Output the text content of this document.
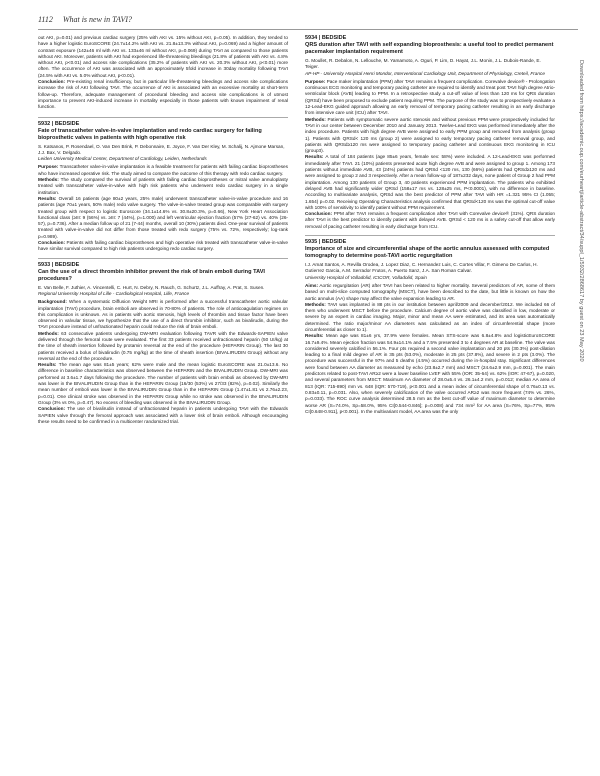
1112 What is new in TAVI?

out AKI, p=0.01) and previous cardiac surgery (25% with AKI vs. 15% without AKI, p=0.05). In addition, they tended to have a higher logistic EuroSCORE (24.7±14.2% with AKI vs. 21.8±13.3% without AKI, p=0.069) and a higher amount of contrast exposure (142±46 ml with AKI vs. 133±46 ml without AKI, p=0.069) during TAVI as compared to those patients without AKI. Moreover, patients with AKI had experienced life-threatening bleedings (21.8% of patients with AKI vs. 4.8% without AKI, p<0.01) and access site complications (35.2% of patients with AKI vs. 20.3% without AKI, p<0.01) more often. The occurrence of AKI was associated with an approximately 5fold increase in 30day mortality following TAVI (24.5% with AKI vs. 5.0% without AKI, p<0.01).

Conclusion: Pre-existing renal insufficiency, but in particular life-threatening bleedings and access site complications increase the risk of AKI following TAVI. The occurrence of AKI is associated with an excessive mortality at short-term follow-up. Therefore, adequate management of procedural bleeding and access site complications is of utmost importance to prevent AKI-induced increase in mortality especially in those patients with known impairment of renal function.

5932 | BEDSIDE
Fate of transcatheter valve-in-valve implantation and redo cardiac surgery for failing bioprosthetic valves in patients with high operative risk
S. Katsanos, P. Rosendael, O. Van Den Brink, P. Debonnaire, E. Joyce, F. Van Der Kley, M. Schalij, N. Ajmone Marsan, J.J. Bax, V. Delgado.
Leiden University Medical Center, Department of Cardiology, Leiden, Netherlands

Purpose: Transcatheter valve-in-valve implantation is a feasible treatment for patients with failing cardiac bioprostheses who have increased operative risk. The study aimed to compare the outcome of this therapy with redo cardiac surgery.

Methods: The study compared the survival of patients with failing cardiac bioprostheses or mitral valve annuloplasty treated with transcatheter valve-in-valve with high risk patients who underwent redo cardiac surgery in a single institution.

Results: Overall 16 patients (age 80±2 years, 25% male) underwent transcatheter valve-in-valve procedure and 16 patients (age 70±1 years, 50% male) redo valve surgery. The valve-in-valve treated group was comparable with surgery treated group with respect to logistic Euroscore (34.1±14.6% vs. 30.8±20.3%, p=0.66), New York Heart Association functional class (≥III: 9 (56%) vs. ≥III: 7 (44%), p=1.000) and left ventricular ejection fraction (57% (27-62) vs. 40% (26-57), p=0.736). After a median follow up of 21 (7-44) months, overall 10 (30%) patients died. One-year survival of patients treated with valve-in-valve did not differ from those treated with redo surgery (75% vs. 72%, respectively; log-rank p=0.989).

Conclusion: Patients with failing cardiac bioprostheses and high operative risk treated with transcatheter valve-in-valve have similar survival compared to high risk patients undergoing redo cardiac surgery.

5933 | BEDSIDE
Can the use of a direct thrombin inhibitor prevent the risk of brain emboli during TAVI procedures?
E. Van Belle, F. Juthier, A. Vincentelli, C. Hurt, N. Debry, N. Rauch, G. Schurtz, J.L. Auffray, A. Prat, S. Susen.
Regional University Hospital of Lille - Cardiological Hospital, Lille, France

Background: When a systematic Diffusion Weight MRI is performed after a successful transcatheter aortic valvular implantation (TAVI) procedure, brain emboli are observed in 70-80% of patients. The role of anticoagulation regimen on this complication is unknown. As in patients with aortic stenosis, high levels of thrombin and tissue factor have been observed in valvular tissue, we hypothesize that the use of a direct thrombin inhibitor, such as bivalirudin, during the TAVI procedure instead of unfractionated heparin could reduce the risk of brain emboli.

Methods: 63 consecutive patients undergoing DW-MRI evaluation following TAVR with the Edwards-SAPIEN valve delivered through the femoral route were evaluated. The first 33 patients received unfractionated heparin (50 UI/kg) at the time of sheath insertion followed by protamin reversal at the end of the procedure (HEPARIN Group). The last 30 patients received a bolus of bivalirudin (0.75 mg/kg) at the time of sheath insertion (BIVALIRUDIN Group) without any reversal at the end of the procedure.

Results: The mean age was 81±5 years; 62% were male and the mean logistic EuroSCORE was 21.0±13.6. No difference in baseline characteristics was observed between the HEPARIN and the BIVALIRUDIN Group. DW-MRI was performed at 3.6±1.7 days following the procedure. The number of patients with brain emboli as observed by DW-MRI was lower in the BIVALIRUDIN Group than in the HEPARIN Group (16/30 (53%) vs 27/33 (82%), p=0.02). Similarly the mean number of emboli was lower in the BIVALIRUDIN Group than in the HEPARIN Group (1.47±1.81 vs 2.76±2.23, p=0.01). One clinical stroke was observed in the HEPARIN Group while no stroke was observed in the BIVALIRUDIN Group (3% vs 0%, p=0.47). No excess of bleeding was observed in the BIVALIRUDIN Group.

Conclusion: The use of bivalirudin instead of unfractionated heparin in patients undergoing TAVI with the Edwards SAPIEN valve through the femoral approach was associated with a lower risk of brain emboli. Although encouraging these results need to be confirmed in a multicenter randomized trial.

5934 | BEDSIDE
QRS duration after TAVI with self expanding bioprosthesis: a useful tool to predict permanent pacemaker implantation requirement
G. Moullet, R. Debalon, N. Lellouche, M. Yamamoto, A. Oguri, P. Lim, D. Hayat, J.L. Monin, J.L. Dubois-Rande, E. Teiger.
AP-HP - University Hospital Henri Mondor, Interventional Cardiology Unit, Department of Physiology, Creteil, France

Purpose: Pace maker implantation (PPM) after TAVI remains a frequent complication. Corevalve device® - Prolongation continuous ECG monitoring and temporary pacing catheter are required to identify and treat post TAVI high degree Atrio-ventricular block (AVB) leading to PPM. In a retrospective study a cut-off value of less than 120 ms for QRS duration (QRSd) have been proposed to exclude patient requiring PPM. The purpose of the study was to prospectively evaluate a 12-Lead-EKG guided approach allowing an early removal of temporary pacing catheter resulting in an early discharge from intensive care unit (ICU) after TAVI.

Methods: Patients with symptomatic severe aortic stenosis and without previous PPM were prospectively included for TAVI in our center between December 2010 and January 2013. Twelve-Lead EKG was performed immediately after the index procedure. Patients with high degree AVB were assigned to early PPM group and removed from analysis (group 1). Patients with QRSd< 120 ms (group 2) were assigned to early temporary pacing catheter removal group, and patients with QRSd≥120 ms were assigned to temporary pacing catheter and continuous EKG monitoring in ICU (group3).

Results: A total of 184 patients (age 85±6 years, female sex: 58%) were included. A 12-Lead-EKG was performed immediately after TAVI. 21 (10%) patients presented acute high degree AVB and were assigned to group 1. Among 173 patients without immediate AVB, 43 (24%) patients had QRSd <120 ms, 130 (66%) patients had QRSd≥120 ms and were assigned to group 2 and 3 respectively. After a mean follow-up of 187±232 days, none patient of Group 2 had PPM implantation. Among 130 patients of Group 3, 40 patients experienced PPM implantation. The patients who exhibited delayed AVB had significantly wider QRSd (158±17 ms vs. 128±25 ms, P<0.0001), with no difference in baseline. According to multivariate analysis, QRSd was the best predictor of PPM after TAVI with HR =1.321 95% CI (1.055; 1.654) p=0.02. Receiving Operating Characteristics analysis confirmed that QRSd<120 ms was the optimal cut-off value with 100% of sensitivity to identify patient without PPM requirement.

Conclusion: PPM after TAVI remains a frequent complication after TAVI with Corevalve device® (31%). QRS duration after TAVI is the best predictor to identify patient with delayed AVB. QRSd < 120 ms is a safety cut-off that allow early removal of pacing catheter resulting in early discharge from ICU.

5935 | BEDSIDE
Importance of size and circumferential shape of the aortic annulus assessed with computed tomography to determine post-TAVI aortic regurgitation
I.J. Amat Santos, A. Revilla Orodea, J. Lopez Diaz, C. Hernandez Luis, C. Cortes Villar, F. Gimeno De Carlos, H. Gutierrez Garcia, A.M. Serrador Frutos, A. Puerto Sanz, J.A. San Roman Calvar.
University Hospital of Valladolid, ICICOR, Valladolid, Spain

Aims: Aortic regurgitation (AR) after TAVI has been related to higher mortality. Several predictors of AR, some of them based on multi-slice computed tomography (MSCT), have been described to the date, but little is known on how the aortic annulus (AA) shape may affect the valve expansion leading to AR.

Methods: TAVI was implanted in 88 pts in our institution between april/2009 and december/2012. We included 66 of them who underwent MSCT before the procedure. Calcium degree of aortic valve was classified in low, moderate or severe by an expert in cardiac imaging. Major, minor and mean AA were estimated, and its area was automatically determined. The ratio major/minor AA diameters was calculated as an index of circumferential shape (more circumferential as closer to 1).

Results: Mean age was 81±6 yrs, 37.9% were females. Mean STS-score was 6.8±4.8% and logisticEuroSCORE 16.7±9.4%. Mean ejection fraction was 54.9±14.1% and a 7.5% presented 3 to 4 degrees AR at baseline. The valve was considered severely calcified in 56.1%. Four pts required a second valve implantation and 20 pts (30.3%) post-dilation leading to a final mild degree of AR in 35 pts (53.0%), moderate in 25 pts (37.8%), and severe in 2 pts (3.0%). The procedure was successful in the 97% and 5 deaths (4.5%) occurred during the in-hospital stay. Significant differences were found between AA diameter as measured by echo (23.8±2.7 mm) and MSCT (24.6±2.9 mm, p=0.001). The main predictors related to post-TAVI AR≥2 were a lower baseline LVEF with 55% (IOR: 35-64) vs. 62% (IOR: 47-67), p=0.020, and several parameters from MSCT: Maximum AA diameter of 28.0±5.4 vs. 26.1±4.2 mm, p=0.012; median AA area of 813 (IQR: 715-890) mm vs. 648 (IQR: 570-719), p<0.001 and a mean index of circumferential shape of 0.76±0.13 vs. 0.83±0.11, p=0.031. Also, when severely calcification of the valve occurred AR≥2 was more frequent (74% vs. 26%, p=0.033). The ROC curve analysis determined 28.5 mm as the best cut-off value of maximum diameter to determine worse AR (S=74.0%, Sp=58.0%, 95% CI[0.544-0.846]; p=0.008) and 734 mm² for AA area (S=76%, Sp=77%, 95% CI[0.648-0.911], p<0.001). In the multivariant model, AA area was the only

Downloaded from https://academic.oup.com/eurheartj/article-abstract/34/suppl_1/5932/2868617 by guest on 23 May 2020
